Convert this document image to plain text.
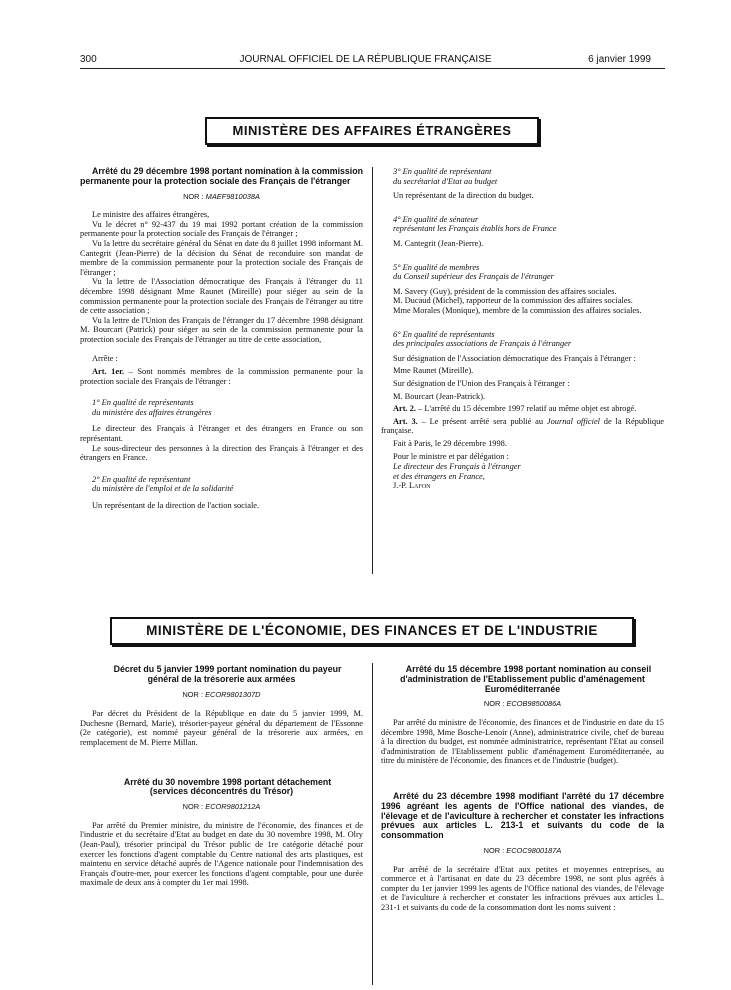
300	JOURNAL OFFICIEL DE LA RÉPUBLIQUE FRANÇAISE	6 janvier 1999
MINISTÈRE DES AFFAIRES ÉTRANGÈRES

Arrêté du 29 décembre 1998 portant nomination à la commission permanente pour la protection sociale des Français de l'étranger

NOR : MAEF9810038A

Le ministre des affaires étrangères,

Vu le décret n° 92-437 du 19 mai 1992 portant création de la commission permanente pour la protection sociale des Français de l'étranger ;

Vu la lettre du secrétaire général du Sénat en date du 8 juillet 1998 informant M. Cantegrit (Jean-Pierre) de la décision du Sénat de reconduire son mandat de membre de la commission permanente pour la protection sociale des Français de l'étranger ;

Vu la lettre de l'Association démocratique des Français à l'étranger du 11 décembre 1998 désignant Mme Raunet (Mireille) pour siéger au sein de la commission permanente pour la protection sociale des Français de l'étranger au titre de cette association ;

Vu la lettre de l'Union des Français de l'étranger du 17 décembre 1998 désignant M. Bourcart (Patrick) pour siéger au sein de la commission permanente pour la protection sociale des Français de l'étranger au titre de cette association,

Arrête :

Art. 1er. – Sont nommés membres de la commission permanente pour la protection sociale des Français de l'étranger :

1° En qualité de représentants

du ministère des affaires étrangères

Le directeur des Français à l'étranger et des étrangers en France ou son représentant.

Le sous-directeur des personnes à la direction des Français à l'étranger et des étrangers en France.

2° En qualité de représentant

du ministère de l'emploi et de la solidarité

Un représentant de la direction de l'action sociale.

3° En qualité de représentant

du secrétariat d'Etat au budget

Un représentant de la direction du budget.

4° En qualité de sénateur

représentant les Français établis hors de France

M. Cantegrit (Jean-Pierre).

5° En qualité de membres

du Conseil supérieur des Français de l'étranger

M. Savery (Guy), président de la commission des affaires sociales.

M. Ducaud (Michel), rapporteur de la commission des affaires sociales.

Mme Morales (Monique), membre de la commission des affaires sociales.

6° En qualité de représentants

des principales associations de Français à l'étranger

Sur désignation de l'Association démocratique des Français à l'étranger :

Mme Raunet (Mireille).

Sur désignation de l'Union des Français à l'étranger :

M. Bourcart (Jean-Patrick).

Art. 2. – L'arrêté du 15 décembre 1997 relatif au même objet est abrogé.

Art. 3. – Le présent arrêté sera publié au Journal officiel de la République française.

Fait à Paris, le 29 décembre 1998.

Pour le ministre et par délégation :

Le directeur des Français à l'étranger

et des étrangers en France,

J.-P. Lafon

MINISTÈRE DE L'ÉCONOMIE, DES FINANCES ET DE L'INDUSTRIE

Décret du 5 janvier 1999 portant nomination du payeur général de la trésorerie aux armées

NOR : ECOR9801307D

Par décret du Président de la République en date du 5 janvier 1999, M. Duchesne (Bernard, Marie), trésorier-payeur général du département de l'Essonne (2e catégorie), est nommé payeur général de la trésorerie aux armées, en remplacement de M. Pierre Millan.

Arrêté du 30 novembre 1998 portant détachement (services déconcentrés du Trésor)

NOR : ECOR9801212A

Par arrêté du Premier ministre, du ministre de l'économie, des finances et de l'industrie et du secrétaire d'Etat au budget en date du 30 novembre 1998, M. Olry (Jean-Paul), trésorier principal du Trésor public de 1re catégorie détaché pour exercer les fonctions d'agent comptable du Centre national des arts plastiques, est maintenu en service détaché auprès de l'Agence nationale pour l'indemnisation des Français d'outre-mer, pour exercer les fonctions d'agent comptable, pour une durée maximale de deux ans à compter du 1er mai 1998.

Arrêté du 15 décembre 1998 portant nomination au conseil d'administration de l'Etablissement public d'aménagement Euroméditerranée

NOR : ECOB9850086A

Par arrêté du ministre de l'économie, des finances et de l'industrie en date du 15 décembre 1998, Mme Bosche-Lenoir (Anne), administratrice civile, chef de bureau à la direction du budget, est nommée administratrice, représentant l'Etat au conseil d'administration de l'Etablissement public d'aménagement Euroméditerranée, au titre du ministère de l'économie, des finances et de l'industrie (budget).

Arrêté du 23 décembre 1998 modifiant l'arrêté du 17 décembre 1996 agréant les agents de l'Office national des viandes, de l'élevage et de l'aviculture à rechercher et constater les infractions prévues aux articles L. 213-1 et suivants du code de la consommation

NOR : ECOC9800187A

Par arrêté de la secrétaire d'Etat aux petites et moyennes entreprises, au commerce et à l'artisanat en date du 23 décembre 1998, ne sont plus agréés à compter du 1er janvier 1999 les agents de l'Office national des viandes, de l'élevage et de l'aviculture à rechercher et constater les infractions prévues aux articles L. 231-1 et suivants du code de la consommation dont les noms suivent :
